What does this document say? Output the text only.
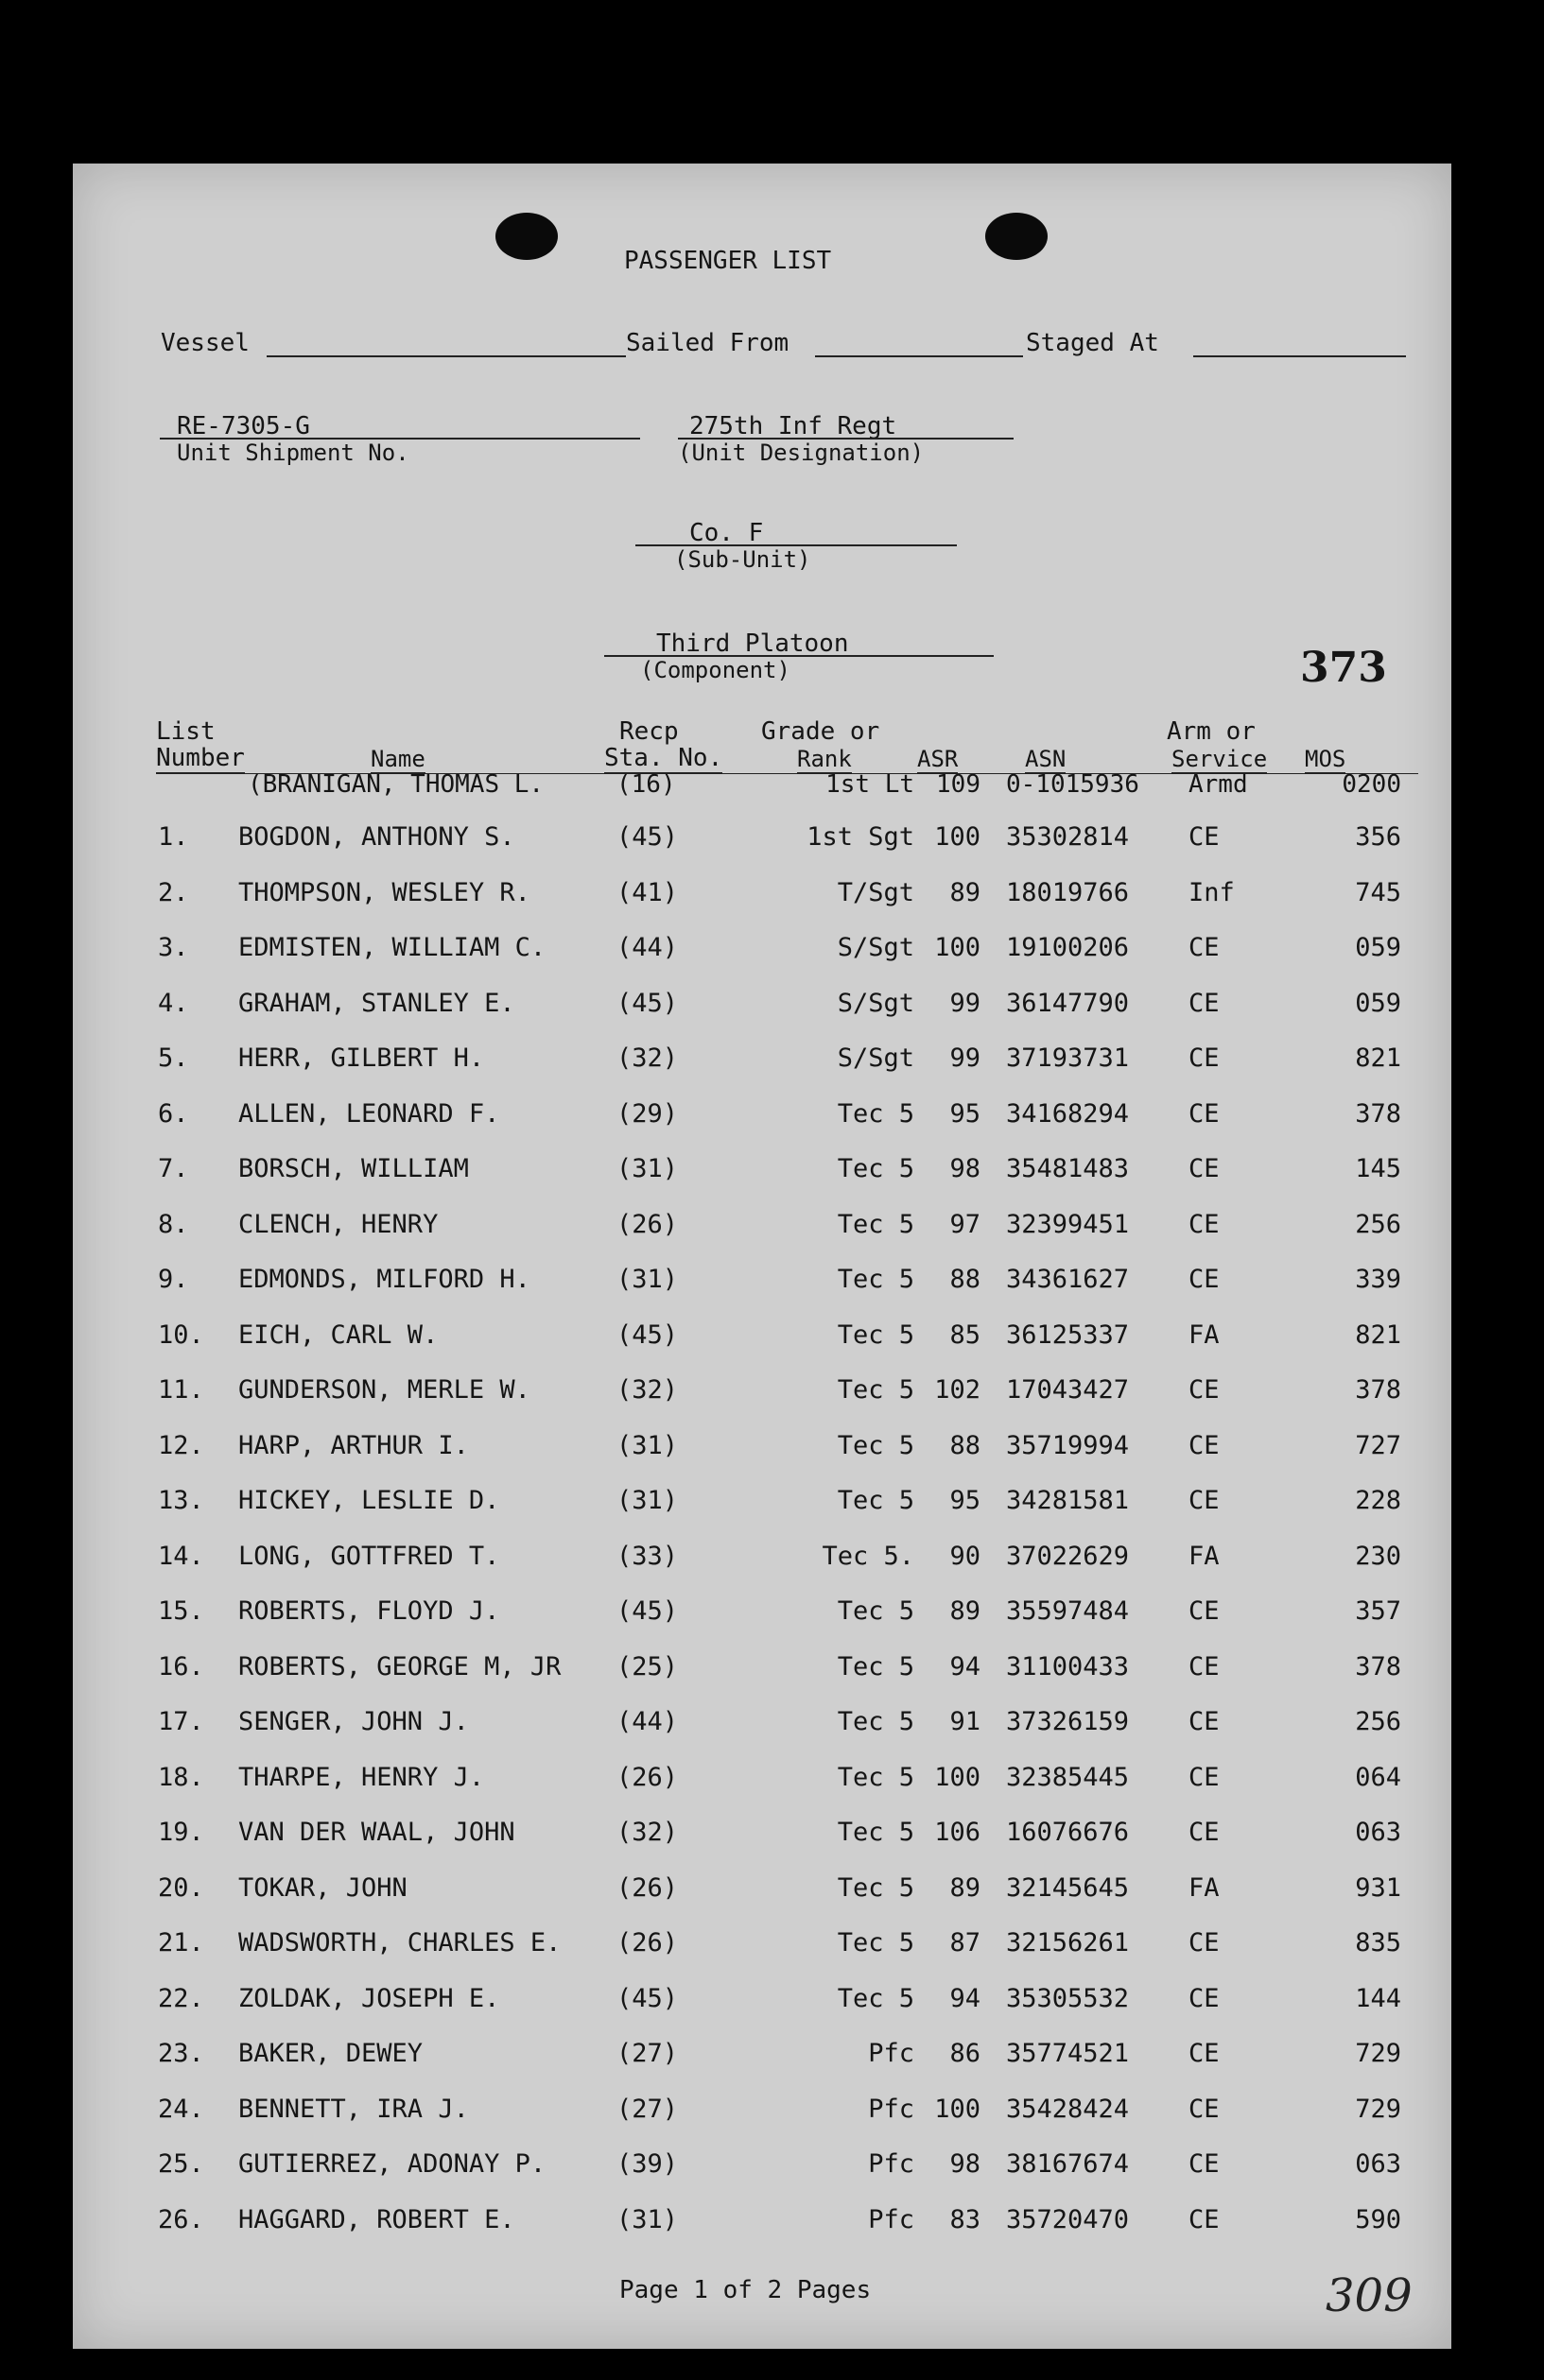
PASSENGER LIST
Vessel	Sailed From	Staged At
RE-7305-G
Unit Shipment No.
275th Inf Regt
(Unit Designation)
Co. F
(Sub-Unit)
Third Platoon
(Component)	373
List
Number	Name
Recp
Sta. No.
Grade or
Rank	ASR	ASN
Arm or
Service MOS
(BRANIGAN, THOMAS L.	(16)	1st Lt 109 0-1015936 Armd	0200
1. BOGDON, ANTHONY S.	(45)	1st Sgt 100 35302814 CE	356
2. THOMPSON, WESLEY R.	(41)	T/Sgt	89 18019766 Inf	745
3. EDMISTEN, WILLIAM C.	(44)	S/Sgt 100 19100206 CE	059
4. GRAHAM, STANLEY E.	(45)	S/Sgt	99 36147790 CE	059
5. HERR, GILBERT H.	(32)	S/Sgt	99 37193731 CE	821
6. ALLEN, LEONARD F.	(29)	Tec 5	95 34168294 CE	378
7. BORSCH, WILLIAM	(31)	Tec 5	98 35481483 CE	145
8. CLENCH, HENRY	(26)	Tec 5	97 32399451 CE	256
9. EDMONDS, MILFORD H.	(31)	Tec 5	88 34361627 CE	339
10. EICH, CARL W.	(45)	Tec 5	85 36125337 FA	821
11. GUNDERSON, MERLE W.	(32)	Tec 5 102 17043427 CE	378
12. HARP, ARTHUR I.	(31)	Tec 5	88 35719994 CE	727
13. HICKEY, LESLIE D.	(31)	Tec 5	95 34281581 CE	228
14. LONG, GOTTFRED T.	(33)	Tec 5.	90 37022629 FA	230
15. ROBERTS, FLOYD J.	(45)	Tec 5	89 35597484 CE	357
16. ROBERTS, GEORGE M, JR (25)	Tec 5	94 31100433 CE	378
17. SENGER, JOHN J.	(44)	Tec 5	91 37326159 CE	256
18. THARPE, HENRY J.	(26)	Tec 5 100 32385445 CE	064
19. VAN DER WAAL, JOHN	(32)	Tec 5 106 16076676 CE	063
20. TOKAR, JOHN	(26)	Tec 5	89 32145645 FA	931
21. WADSWORTH, CHARLES E. (26)	Tec 5	87 32156261 CE	835
22. ZOLDAK, JOSEPH E.	(45)	Tec 5	94 35305532 CE	144
23. BAKER, DEWEY	(27)	Pfc	86 35774521 CE	729
24. BENNETT, IRA J.	(27)	Pfc 100 35428424 CE	729
25. GUTIERREZ, ADONAY P.	(39)	Pfc	98 38167674 CE	063
26. HAGGARD, ROBERT E.	(31)	Pfc	83 35720470 CE	590
Page 1 of 2 Pages	309
